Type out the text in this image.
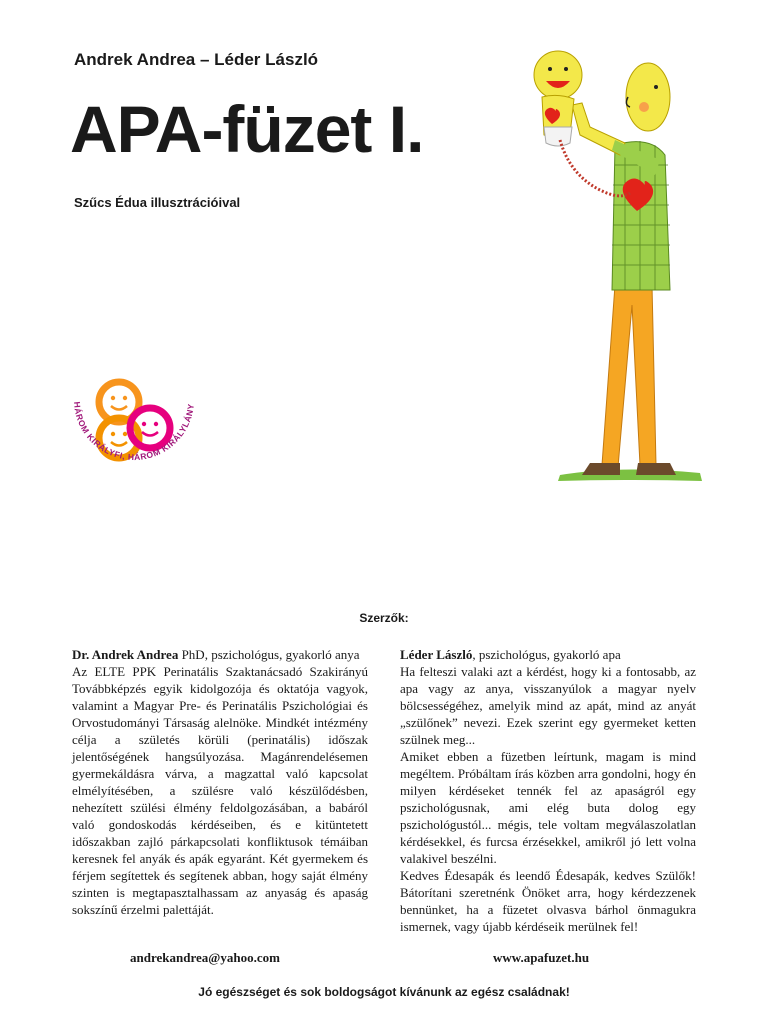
Andrek Andrea – Léder László
APA-füzet I.
Szűcs Édua illusztrációival
HÁROM KIRÁLYFI, HÁROM KIRÁLYLÁNY
Szerzők:

Dr. Andrek Andrea PhD, pszichológus, gyakorló anya

Az ELTE PPK Perinatális Szaktanácsadó Szakirányú Továbbképzés egyik kidolgozója és oktatója vagyok, valamint a Magyar Pre- és Perinatális Pszichológiai és Orvostudományi Társaság alelnöke. Mindkét intézmény célja a születés körüli (perinatális) időszak jelentőségének hangsúlyozása. Magánrendelésemen gyermekáldásra várva, a magzattal való kapcsolat elmélyítésében, a szülésre való készülődésben, nehezített szülési élmény feldolgozásában, a babáról való gondoskodás kérdéseiben, és e kitüntetett időszakban zajló párkapcsolati konfliktusok témáiban keresnek fel anyák és apák egyaránt. Két gyermekem és férjem segítettek és segítenek abban, hogy saját élmény szinten is megtapasztalhassam az anyaság és apaság sokszínű érzelmi palettáját.

Léder László, pszichológus, gyakorló apa

Ha felteszi valaki azt a kérdést, hogy ki a fontosabb, az apa vagy az anya, visszanyúlok a magyar nyelv bölcsességéhez, amelyik mind az apát, mind az anyát „szülőnek” nevezi. Ezek szerint egy gyermeket ketten szülnek meg...

Amiket ebben a füzetben leírtunk, magam is mind megéltem. Próbáltam írás közben arra gondolni, hogy én milyen kérdéseket tennék fel az apaságról egy pszichológusnak, ami elég buta dolog egy pszichológustól... mégis, tele voltam megválaszolatlan kérdésekkel, és furcsa érzésekkel, amikről jó lett volna valakivel beszélni.

Kedves Édesapák és leendő Édesapák, kedves Szülők! Bátorítani szeretnénk Önöket arra, hogy kérdezzenek bennünket, ha a füzetet olvasva bárhol önmagukra ismernek, vagy újabb kérdéseik merülnek fel!

andrekandrea@yahoo.com	www.apafuzet.hu
Jó egészséget és sok boldogságot kívánunk az egész családnak!
